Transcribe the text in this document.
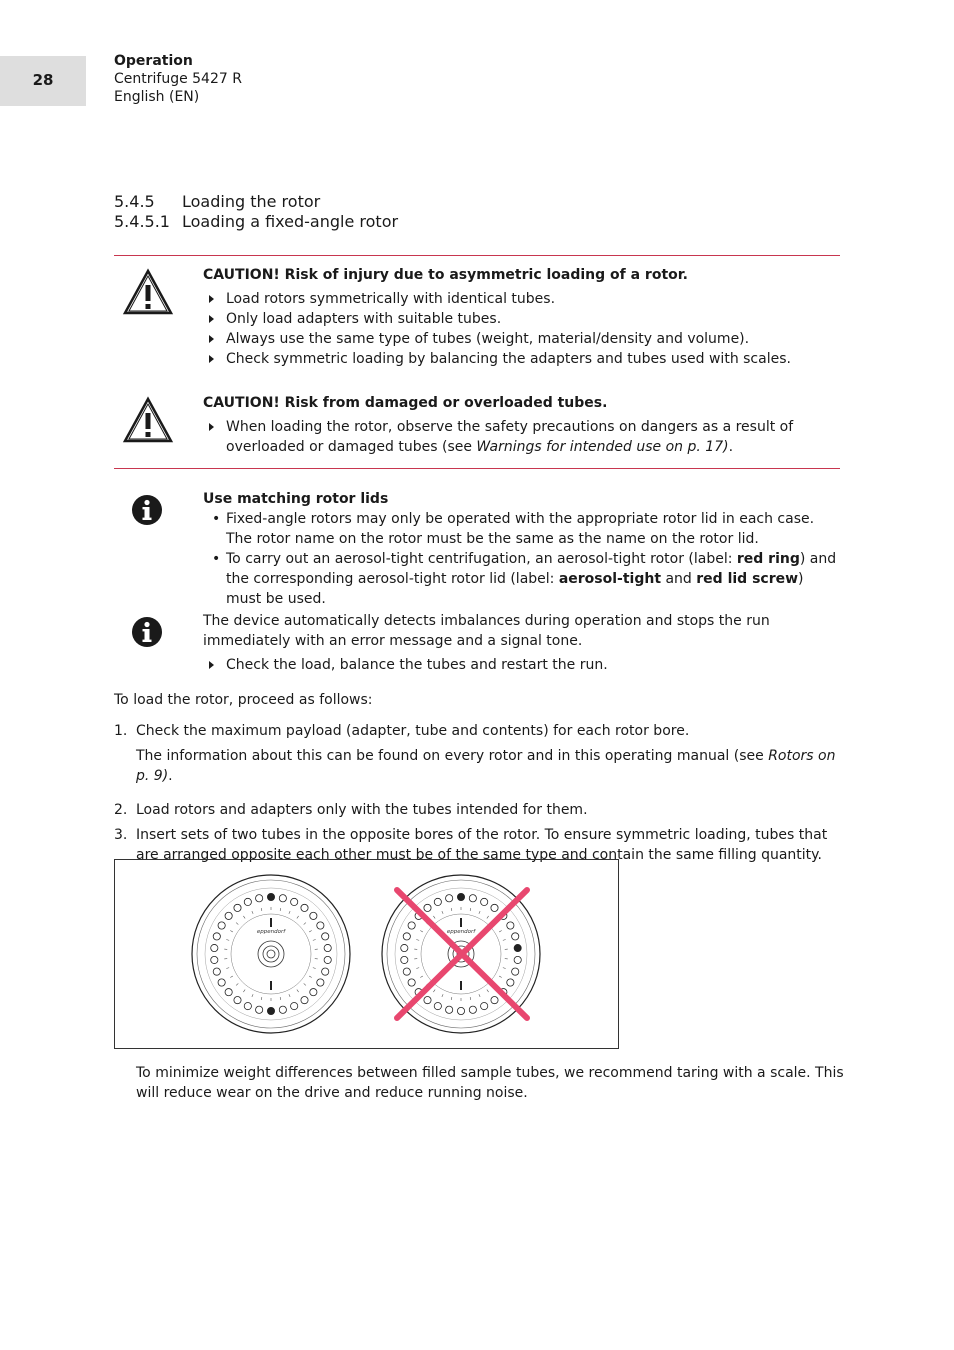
28
Operation
Centrifuge 5427 R
English (EN)
5.4.5 Loading the rotor
5.4.5.1 Loading a fixed-angle rotor
CAUTION! Risk of injury due to asymmetric loading of a rotor.
Load rotors symmetrically with identical tubes.
Only load adapters with suitable tubes.
Always use the same type of tubes (weight, material/density and volume).
Check symmetric loading by balancing the adapters and tubes used with scales.
CAUTION! Risk from damaged or overloaded tubes.
When loading the rotor, observe the safety precautions on dangers as a result of overloaded or damaged tubes (see Warnings for intended use on p. 17).
Use matching rotor lids
• Fixed-angle rotors may only be operated with the appropriate rotor lid in each case. The rotor name on the rotor must be the same as the name on the rotor lid.
• To carry out an aerosol-tight centrifugation, an aerosol-tight rotor (label: red ring) and the corresponding aerosol-tight rotor lid (label: aerosol-tight and red lid screw) must be used.
The device automatically detects imbalances during operation and stops the run immediately with an error message and a signal tone.
Check the load, balance the tubes and restart the run.
To load the rotor, proceed as follows:
1. Check the maximum payload (adapter, tube and contents) for each rotor bore.
The information about this can be found on every rotor and in this operating manual (see Rotors on p. 9).
2. Load rotors and adapters only with the tubes intended for them.
3. Insert sets of two tubes in the opposite bores of the rotor. To ensure symmetric loading, tubes that are arranged opposite each other must be of the same type and contain the same filling quantity.
eppendorf	eppendorf
To minimize weight differences between filled sample tubes, we recommend taring with a scale. This will reduce wear on the drive and reduce running noise.
